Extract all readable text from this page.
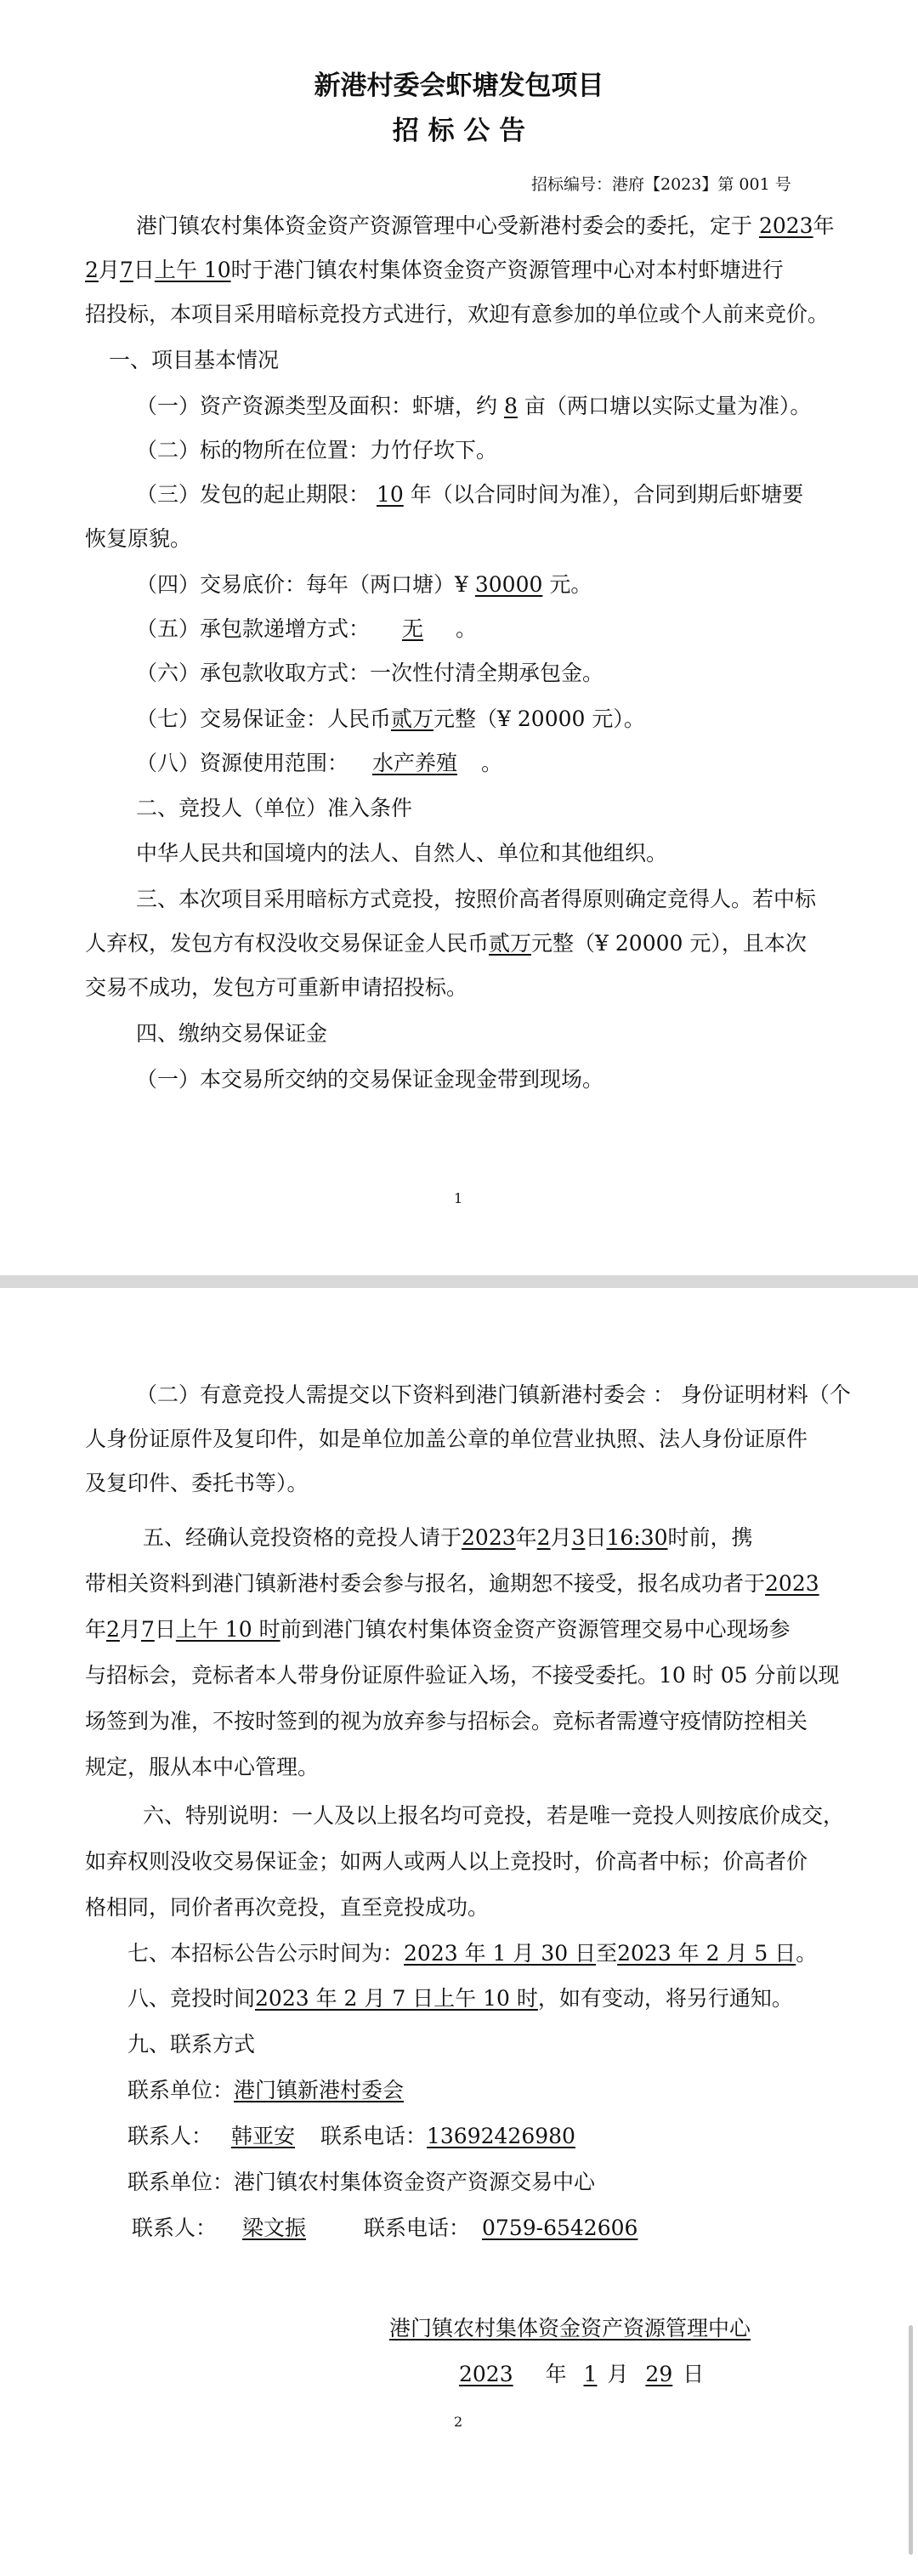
新港村委会虾塘发包项目
招 标 公 告
招标编号：港府【2023】第 001 号
港门镇农村集体资金资产资源管理中心受新港村委会的委托，定于 2023年
2月7日上午 10时于港门镇农村集体资金资产资源管理中心对本村虾塘进行
招投标，本项目采用暗标竞投方式进行，欢迎有意参加的单位或个人前来竞价。
一、项目基本情况
（一）资产资源类型及面积：虾塘，约 8 亩（两口塘以实际丈量为准）。
（二）标的物所在位置：力竹仔坎下。
（三）发包的起止期限： 10 年（以合同时间为准），合同到期后虾塘要
恢复原貌。
（四）交易底价：每年（两口塘）¥ 30000 元。
（五）承包款递增方式： 无 。
（六）承包款收取方式：一次性付清全期承包金。
（七）交易保证金：人民币贰万元整（¥ 20000 元）。
（八）资源使用范围： 水产养殖 。
二、竞投人（单位）准入条件
中华人民共和国境内的法人、自然人、单位和其他组织。
三、本次项目采用暗标方式竞投，按照价高者得原则确定竞得人。若中标
人弃权，发包方有权没收交易保证金人民币贰万元整（¥ 20000 元），且本次
交易不成功，发包方可重新申请招投标。
四、缴纳交易保证金
（一）本交易所交纳的交易保证金现金带到现场。
1
（二）有意竞投人需提交以下资料到港门镇新港村委会 ： 身份证明材料（个
人身份证原件及复印件，如是单位加盖公章的单位营业执照、法人身份证原件
及复印件、委托书等）。
五、经确认竞投资格的竞投人请于2023年2月3日16:30时前，携
带相关资料到港门镇新港村委会参与报名，逾期恕不接受，报名成功者于2023
年2月7日上午 10 时前到港门镇农村集体资金资产资源管理交易中心现场参
与招标会，竞标者本人带身份证原件验证入场，不接受委托。10 时 05 分前以现
场签到为准，不按时签到的视为放弃参与招标会。竞标者需遵守疫情防控相关
规定，服从本中心管理。
六、特别说明：一人及以上报名均可竞投，若是唯一竞投人则按底价成交，
如弃权则没收交易保证金；如两人或两人以上竞投时，价高者中标；价高者价
格相同，同价者再次竞投，直至竞投成功。
七、本招标公告公示时间为：2023 年 1 月 30 日至2023 年 2 月 5 日。
八、竞投时间2023 年 2 月 7 日上午 10 时，如有变动，将另行通知。
九、联系方式
联系单位：港门镇新港村委会
联系人： 韩亚安 联系电话：13692426980
联系单位：港门镇农村集体资金资产资源交易中心
联系人： 梁文振	联系电话： 0759-6542606
港门镇农村集体资金资产资源管理中心
2023 年 1 月 29 日
2
